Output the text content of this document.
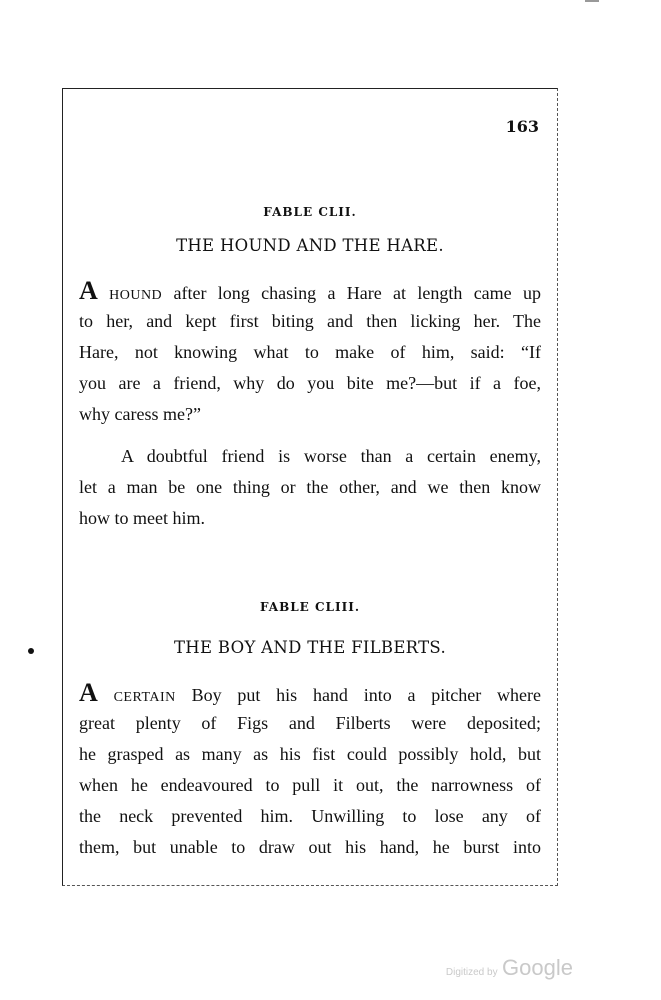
163
FABLE CLII.
THE HOUND AND THE HARE.
A HOUND after long chasing a Hare at length came up
to her, and kept first biting and then licking her. The
Hare, not knowing what to make of him, said: “If
you are a friend, why do you bite me?—but if a foe,
why caress me?”
A doubtful friend is worse than a certain enemy,
let a man be one thing or the other, and we then know
how to meet him.
FABLE CLIII.
THE BOY AND THE FILBERTS.
A CERTAIN Boy put his hand into a pitcher where
great plenty of Figs and Filberts were deposited;
he grasped as many as his fist could possibly hold, but
when he endeavoured to pull it out, the narrowness of
the neck prevented him. Unwilling to lose any of
them, but unable to draw out his hand, he burst into
Digitized by Google
